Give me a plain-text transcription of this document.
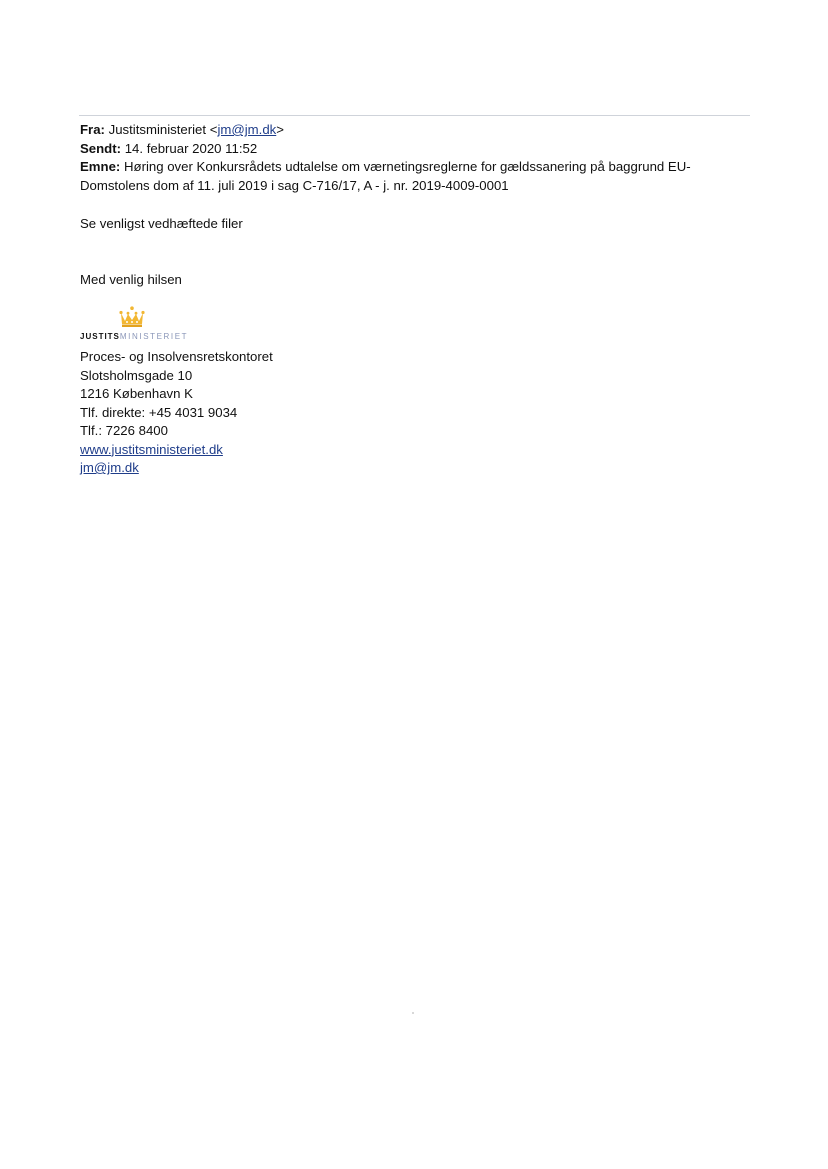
Fra: Justitsministeriet <jm@jm.dk>
Sendt: 14. februar 2020 11:52
Emne: Høring over Konkursrådets udtalelse om værnetingsreglerne for gældssanering på baggrund EU-Domstolens dom af 11. juli 2019 i sag C-716/17, A - j. nr. 2019-4009-0001
Se venligst vedhæftede filer
Med venlig hilsen
JUSTITSMINISTERIET
Proces- og Insolvensretskontoret
Slotsholmsgade 10
1216 København K
Tlf. direkte: +45 4031 9034
Tlf.: 7226 8400
www.justitsministeriet.dk
jm@jm.dk
